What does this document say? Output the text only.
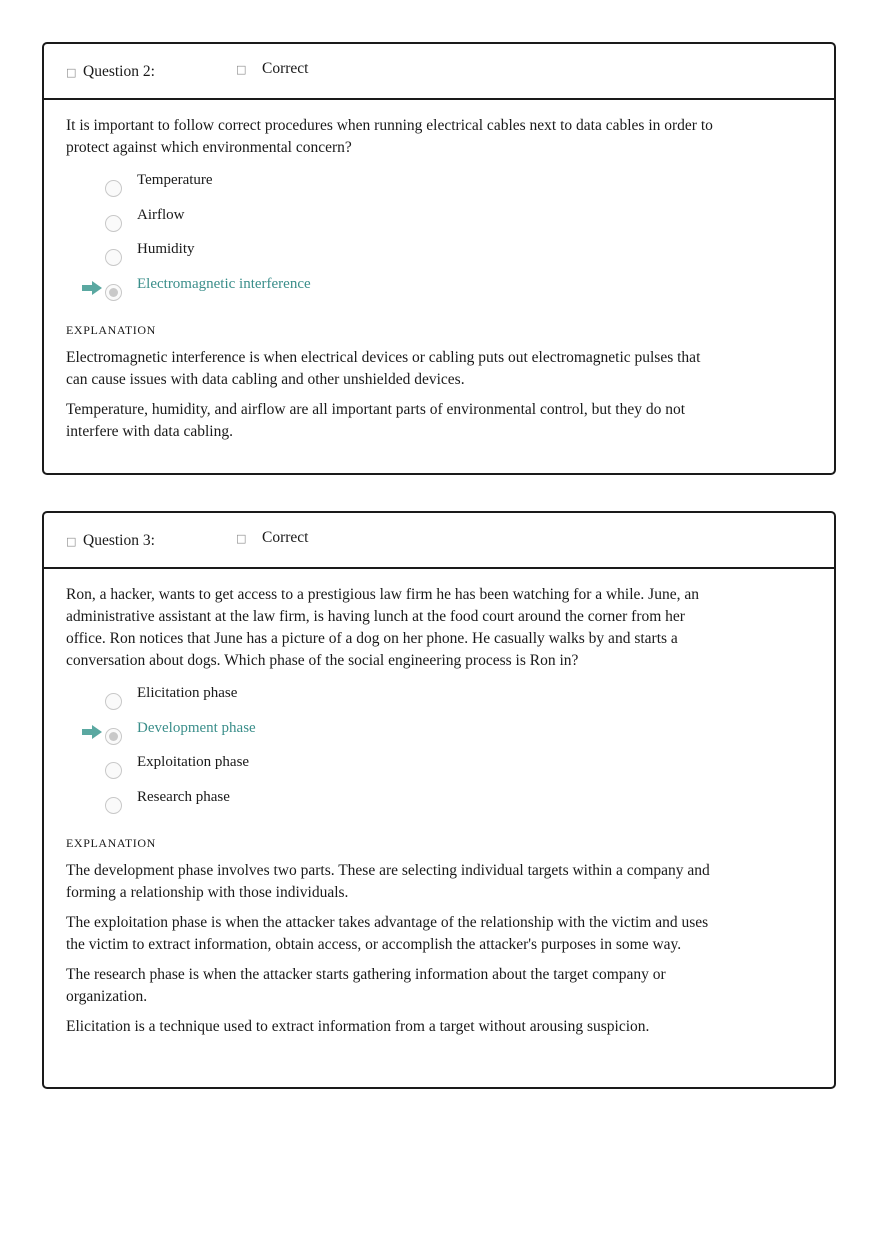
□ Question 2:	□ Correct

It is important to follow correct procedures when running electrical cables next to data cables in order to protect against which environmental concern?

Temperature
Airflow
Humidity
Electromagnetic interference

EXPLANATION

Electromagnetic interference is when electrical devices or cabling puts out electromagnetic pulses that can cause issues with data cabling and other unshielded devices.

Temperature, humidity, and airflow are all important parts of environmental control, but they do not interfere with data cabling.

□ Question 3:	□ Correct

Ron, a hacker, wants to get access to a prestigious law firm he has been watching for a while. June, an administrative assistant at the law firm, is having lunch at the food court around the corner from her office. Ron notices that June has a picture of a dog on her phone. He casually walks by and starts a conversation about dogs. Which phase of the social engineering process is Ron in?

Elicitation phase
Development phase
Exploitation phase
Research phase

EXPLANATION

The development phase involves two parts. These are selecting individual targets within a company and forming a relationship with those individuals.

The exploitation phase is when the attacker takes advantage of the relationship with the victim and uses the victim to extract information, obtain access, or accomplish the attacker's purposes in some way.

The research phase is when the attacker starts gathering information about the target company or organization.

Elicitation is a technique used to extract information from a target without arousing suspicion.
